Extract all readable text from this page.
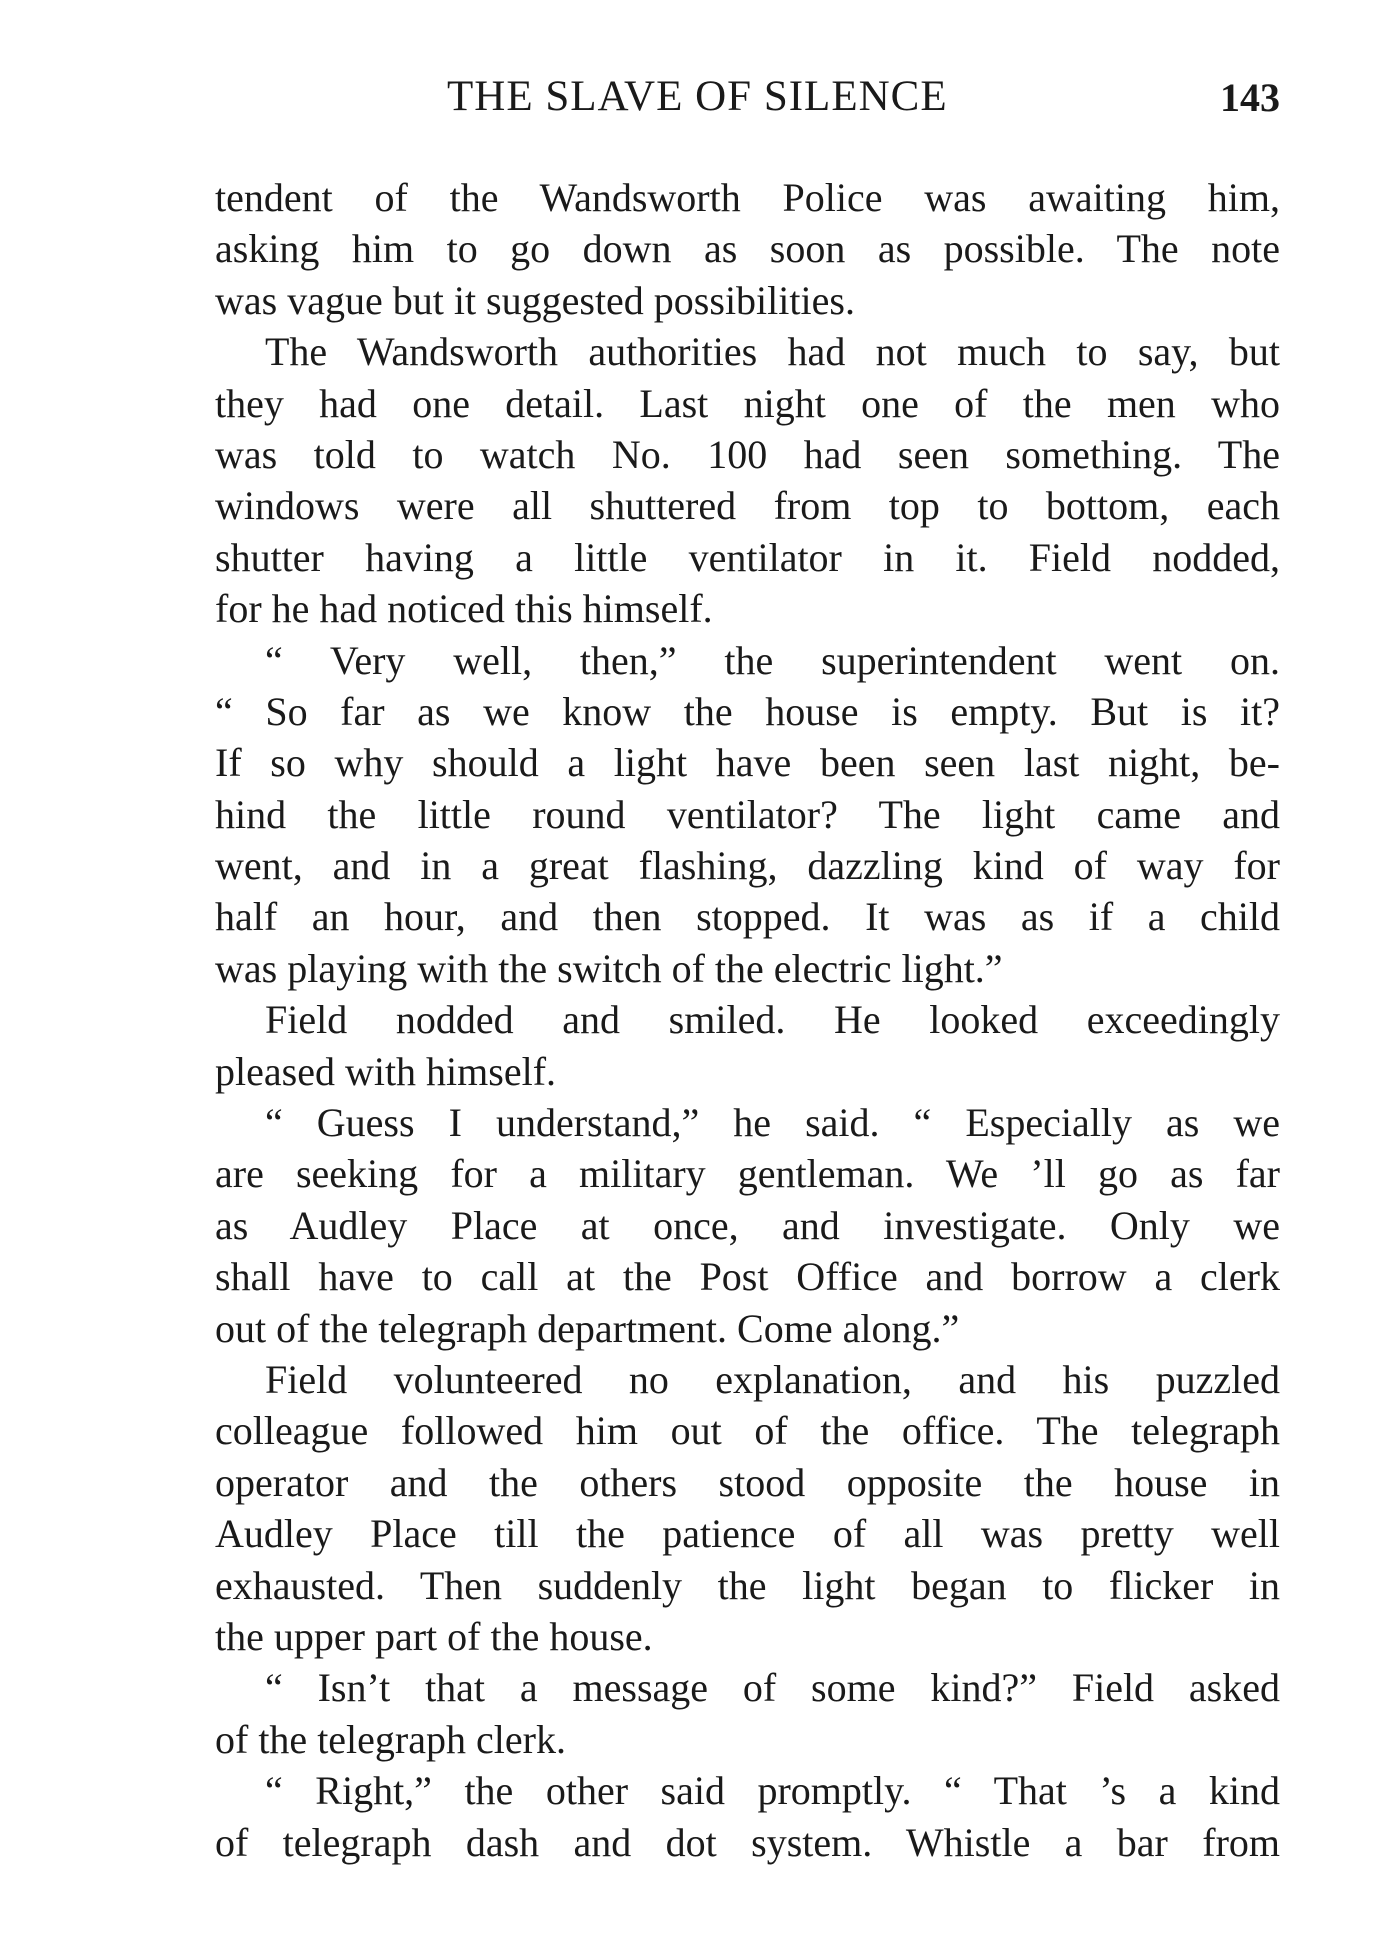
THE SLAVE OF SILENCE	143
tendent of the Wandsworth Police was awaiting him,
asking him to go down as soon as possible. The note
was vague but it suggested possibilities.
The Wandsworth authorities had not much to say, but
they had one detail. Last night one of the men who
was told to watch No. 100 had seen something. The
windows were all shuttered from top to bottom, each
shutter having a little ventilator in it. Field nodded,
for he had noticed this himself.
“ Very well, then,” the superintendent went on.
“ So far as we know the house is empty. But is it?
If so why should a light have been seen last night, be-
hind the little round ventilator? The light came and
went, and in a great flashing, dazzling kind of way for
half an hour, and then stopped. It was as if a child
was playing with the switch of the electric light.”
Field nodded and smiled. He looked exceedingly
pleased with himself.
“ Guess I understand,” he said. “ Especially as we
are seeking for a military gentleman. We ’ll go as far
as Audley Place at once, and investigate. Only we
shall have to call at the Post Office and borrow a clerk
out of the telegraph department. Come along.”
Field volunteered no explanation, and his puzzled
colleague followed him out of the office. The telegraph
operator and the others stood opposite the house in
Audley Place till the patience of all was pretty well
exhausted. Then suddenly the light began to flicker in
the upper part of the house.
“ Isn’t that a message of some kind?” Field asked
of the telegraph clerk.
“ Right,” the other said promptly. “ That ’s a kind
of telegraph dash and dot system. Whistle a bar from
